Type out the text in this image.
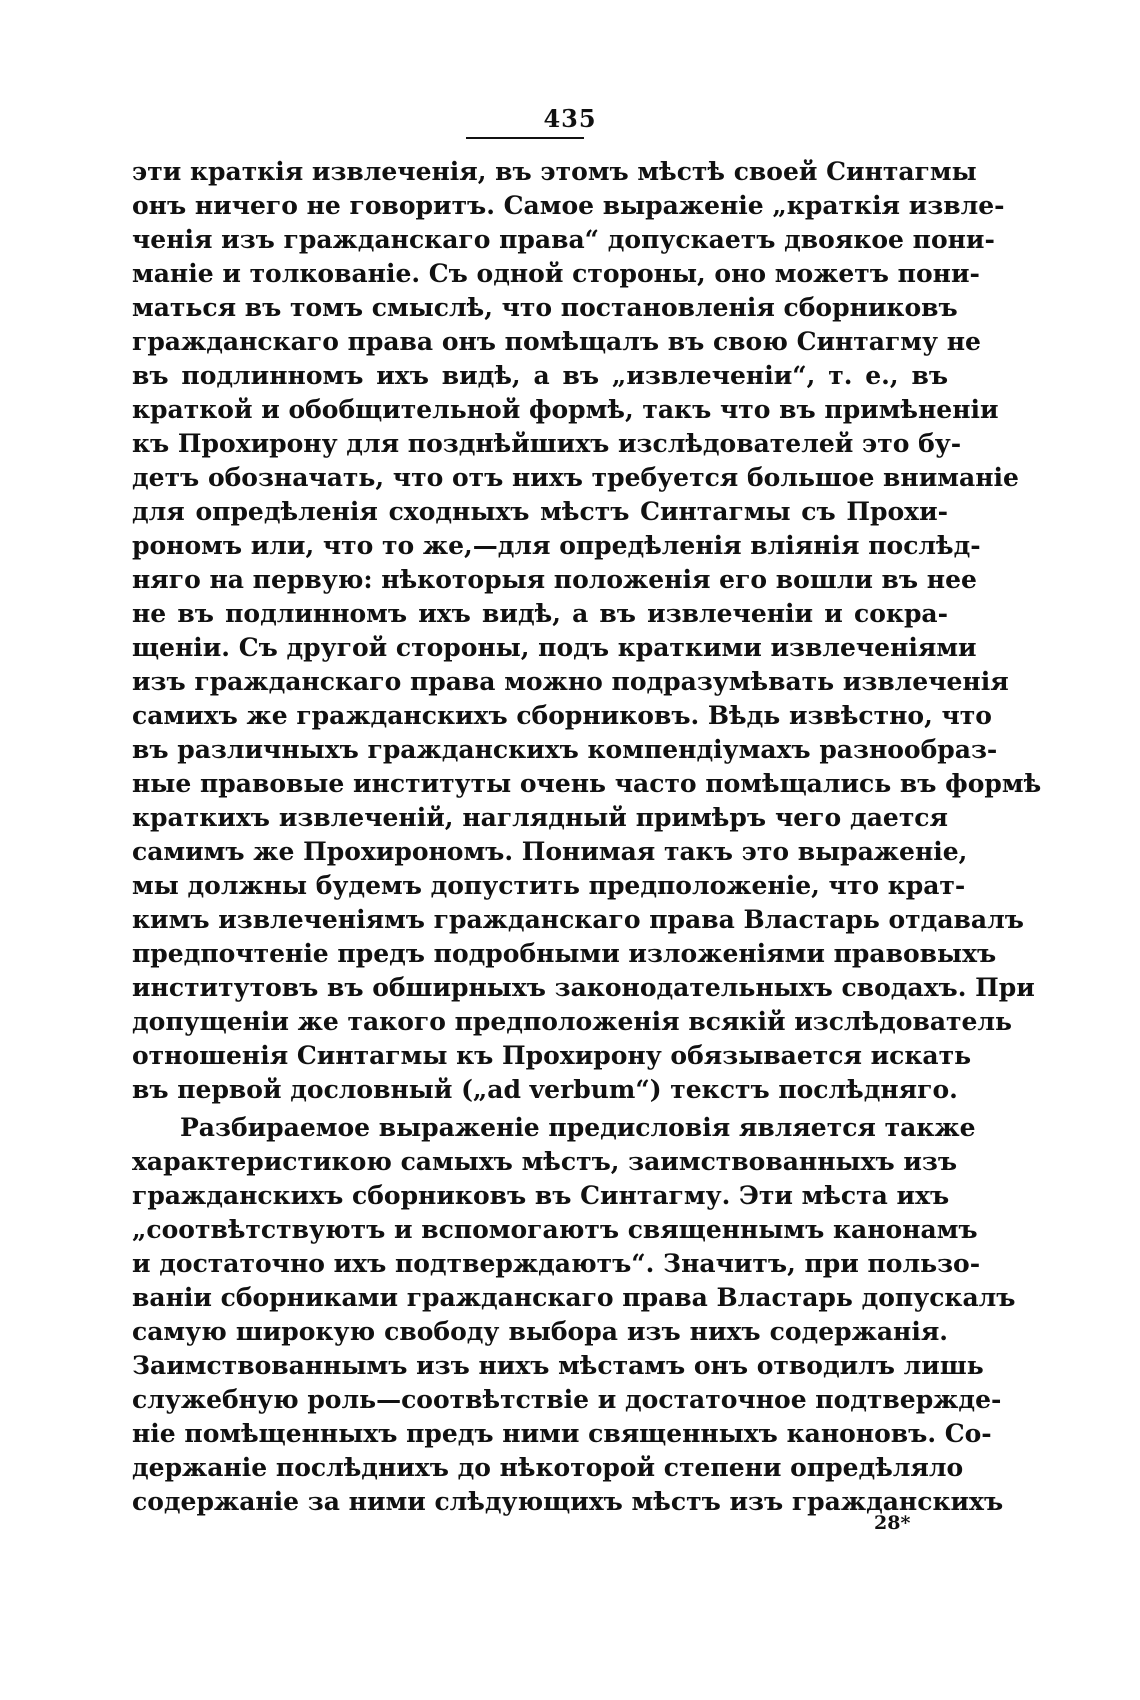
435
эти краткія извлеченія, въ этомъ мѣстѣ своей Синтагмы
онъ ничего не говоритъ. Самое выраженіе „краткія извле-
ченія изъ гражданскаго права“ допускаетъ двоякое пони-
маніе и толкованіе. Съ одной стороны, оно можетъ пони-
маться въ томъ смыслѣ, что постановленія сборниковъ
гражданскаго права онъ помѣщалъ въ свою Синтагму не
въ подлинномъ ихъ видѣ, а въ „извлеченіи“, т. е., въ
краткой и обобщительной формѣ, такъ что въ примѣненіи
къ Прохирону для позднѣйшихъ изслѣдователей это бу-
детъ обозначать, что отъ нихъ требуется большое вниманіе
для опредѣленія сходныхъ мѣстъ Синтагмы съ Прохи-
рономъ или, что то же,—для опредѣленія вліянія послѣд-
няго на первую: нѣкоторыя положенія его вошли въ нее
не въ подлинномъ ихъ видѣ, а въ извлеченіи и сокра-
щеніи. Съ другой стороны, подъ краткими извлеченіями
изъ гражданскаго права можно подразумѣвать извлеченія
самихъ же гражданскихъ сборниковъ. Вѣдь извѣстно, что
въ различныхъ гражданскихъ компендіумахъ разнообраз-
ные правовые институты очень часто помѣщались въ формѣ
краткихъ извлеченій, наглядный примѣръ чего дается
самимъ же Прохирономъ. Понимая такъ это выраженіе,
мы должны будемъ допустить предположеніе, что крат-
кимъ извлеченіямъ гражданскаго права Властарь отдавалъ
предпочтеніе предъ подробными изложеніями правовыхъ
институтовъ въ обширныхъ законодательныхъ сводахъ. При
допущеніи же такого предположенія всякій изслѣдователь
отношенія Синтагмы къ Прохирону обязывается искать
въ первой дословный („ad verbum“) текстъ послѣдняго.
Разбираемое выраженіе предисловія является также
характеристикою самыхъ мѣстъ, заимствованныхъ изъ
гражданскихъ сборниковъ въ Синтагму. Эти мѣста ихъ
„соотвѣтствуютъ и вспомогаютъ священнымъ канонамъ
и достаточно ихъ подтверждаютъ“. Значитъ, при пользо-
ваніи сборниками гражданскаго права Властарь допускалъ
самую широкую свободу выбора изъ нихъ содержанія.
Заимствованнымъ изъ нихъ мѣстамъ онъ отводилъ лишь
служебную роль—соотвѣтствіе и достаточное подтвержде-
ніе помѣщенныхъ предъ ними священныхъ каноновъ. Со-
держаніе послѣднихъ до нѣкоторой степени опредѣляло
содержаніе за ними слѣдующихъ мѣстъ изъ гражданскихъ
28*
